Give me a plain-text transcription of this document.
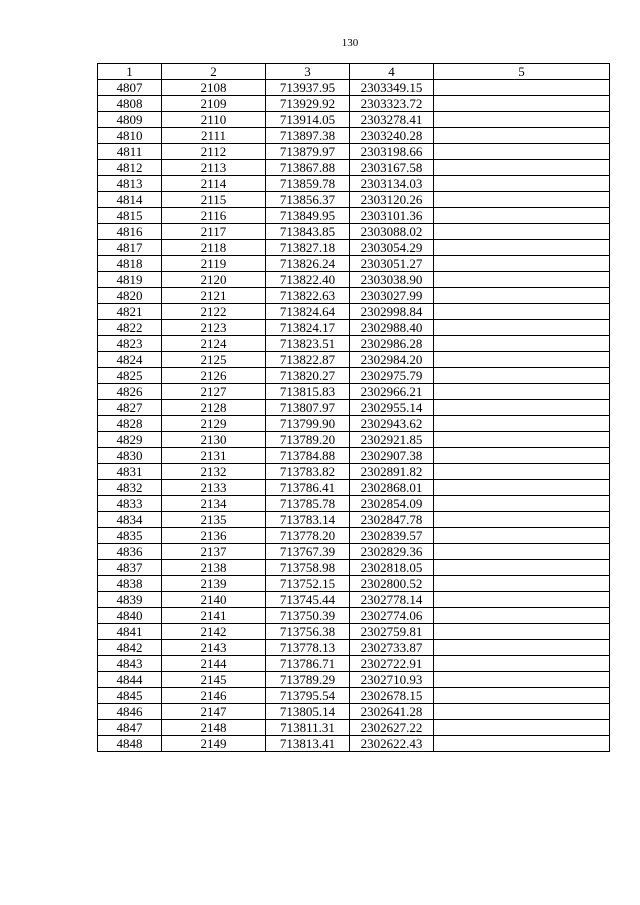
130
1	2	3	4	5
4807	2108	713937.95	2303349.15	
4808	2109	713929.92	2303323.72	
4809	2110	713914.05	2303278.41	
4810	2111	713897.38	2303240.28	
4811	2112	713879.97	2303198.66	
4812	2113	713867.88	2303167.58	
4813	2114	713859.78	2303134.03	
4814	2115	713856.37	2303120.26	
4815	2116	713849.95	2303101.36	
4816	2117	713843.85	2303088.02	
4817	2118	713827.18	2303054.29	
4818	2119	713826.24	2303051.27	
4819	2120	713822.40	2303038.90	
4820	2121	713822.63	2303027.99	
4821	2122	713824.64	2302998.84	
4822	2123	713824.17	2302988.40	
4823	2124	713823.51	2302986.28	
4824	2125	713822.87	2302984.20	
4825	2126	713820.27	2302975.79	
4826	2127	713815.83	2302966.21	
4827	2128	713807.97	2302955.14	
4828	2129	713799.90	2302943.62	
4829	2130	713789.20	2302921.85	
4830	2131	713784.88	2302907.38	
4831	2132	713783.82	2302891.82	
4832	2133	713786.41	2302868.01	
4833	2134	713785.78	2302854.09	
4834	2135	713783.14	2302847.78	
4835	2136	713778.20	2302839.57	
4836	2137	713767.39	2302829.36	
4837	2138	713758.98	2302818.05	
4838	2139	713752.15	2302800.52	
4839	2140	713745.44	2302778.14	
4840	2141	713750.39	2302774.06	
4841	2142	713756.38	2302759.81	
4842	2143	713778.13	2302733.87	
4843	2144	713786.71	2302722.91	
4844	2145	713789.29	2302710.93	
4845	2146	713795.54	2302678.15	
4846	2147	713805.14	2302641.28	
4847	2148	713811.31	2302627.22	
4848	2149	713813.41	2302622.43	
